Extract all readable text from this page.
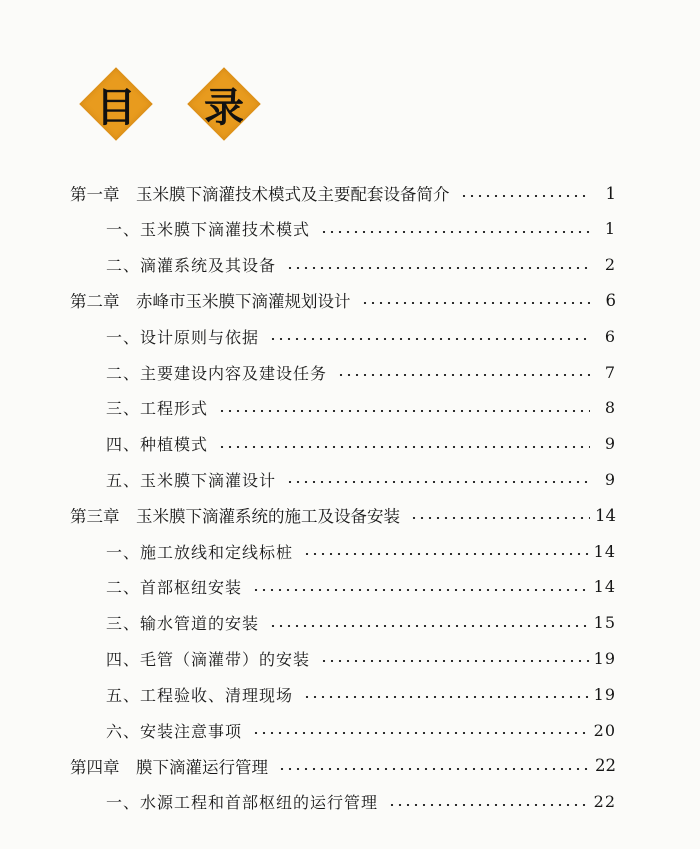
目	录
第一章　玉米膜下滴灌技术模式及主要配套设备简介	1
一、玉米膜下滴灌技术模式	1
二、滴灌系统及其设备	2
第二章　赤峰市玉米膜下滴灌规划设计	6
一、设计原则与依据	6
二、主要建设内容及建设任务	7
三、工程形式	8
四、种植模式	9
五、玉米膜下滴灌设计	9
第三章　玉米膜下滴灌系统的施工及设备安装	14
一、施工放线和定线标桩	14
二、首部枢纽安装	14
三、输水管道的安装	15
四、毛管（滴灌带）的安装	19
五、工程验收、清理现场	19
六、安装注意事项	20
第四章　膜下滴灌运行管理	22
一、水源工程和首部枢纽的运行管理	22
